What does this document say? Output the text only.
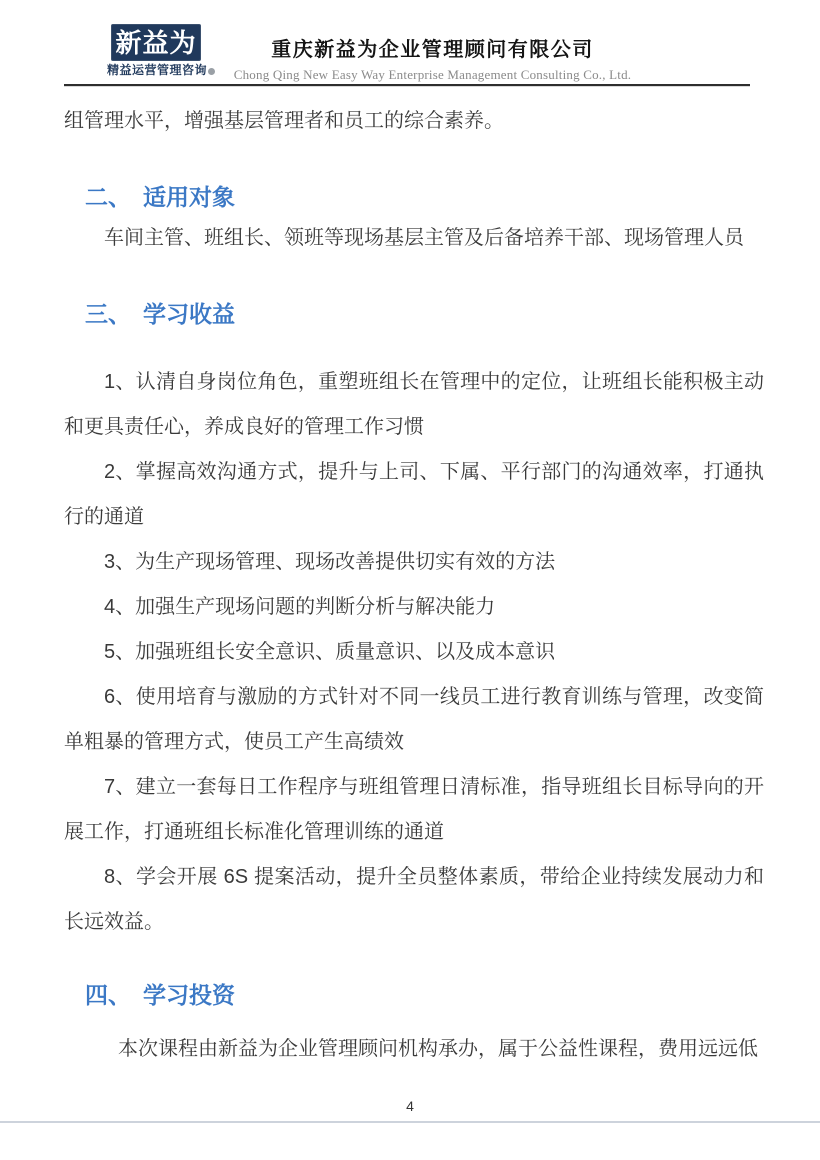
新益为
精益运营管理咨询
重庆新益为企业管理顾问有限公司
Chong Qing New Easy Way Enterprise Management Consulting Co., Ltd.

组管理水平，增强基层管理者和员工的综合素养。

二、 适用对象

车间主管、班组长、领班等现场基层主管及后备培养干部、现场管理人员

三、 学习收益

1、认清自身岗位角色，重塑班组长在管理中的定位，让班组长能积极主动和更具责任心，养成良好的管理工作习惯

2、掌握高效沟通方式，提升与上司、下属、平行部门的沟通效率，打通执行的通道

3、为生产现场管理、现场改善提供切实有效的方法

4、加强生产现场问题的判断分析与解决能力

5、加强班组长安全意识、质量意识、以及成本意识

6、使用培育与激励的方式针对不同一线员工进行教育训练与管理，改变简单粗暴的管理方式，使员工产生高绩效

7、建立一套每日工作程序与班组管理日清标准，指导班组长目标导向的开展工作，打通班组长标准化管理训练的通道

8、学会开展 6S 提案活动，提升全员整体素质，带给企业持续发展动力和长远效益。

四、 学习投资

本次课程由新益为企业管理顾问机构承办，属于公益性课程，费用远远低

4
